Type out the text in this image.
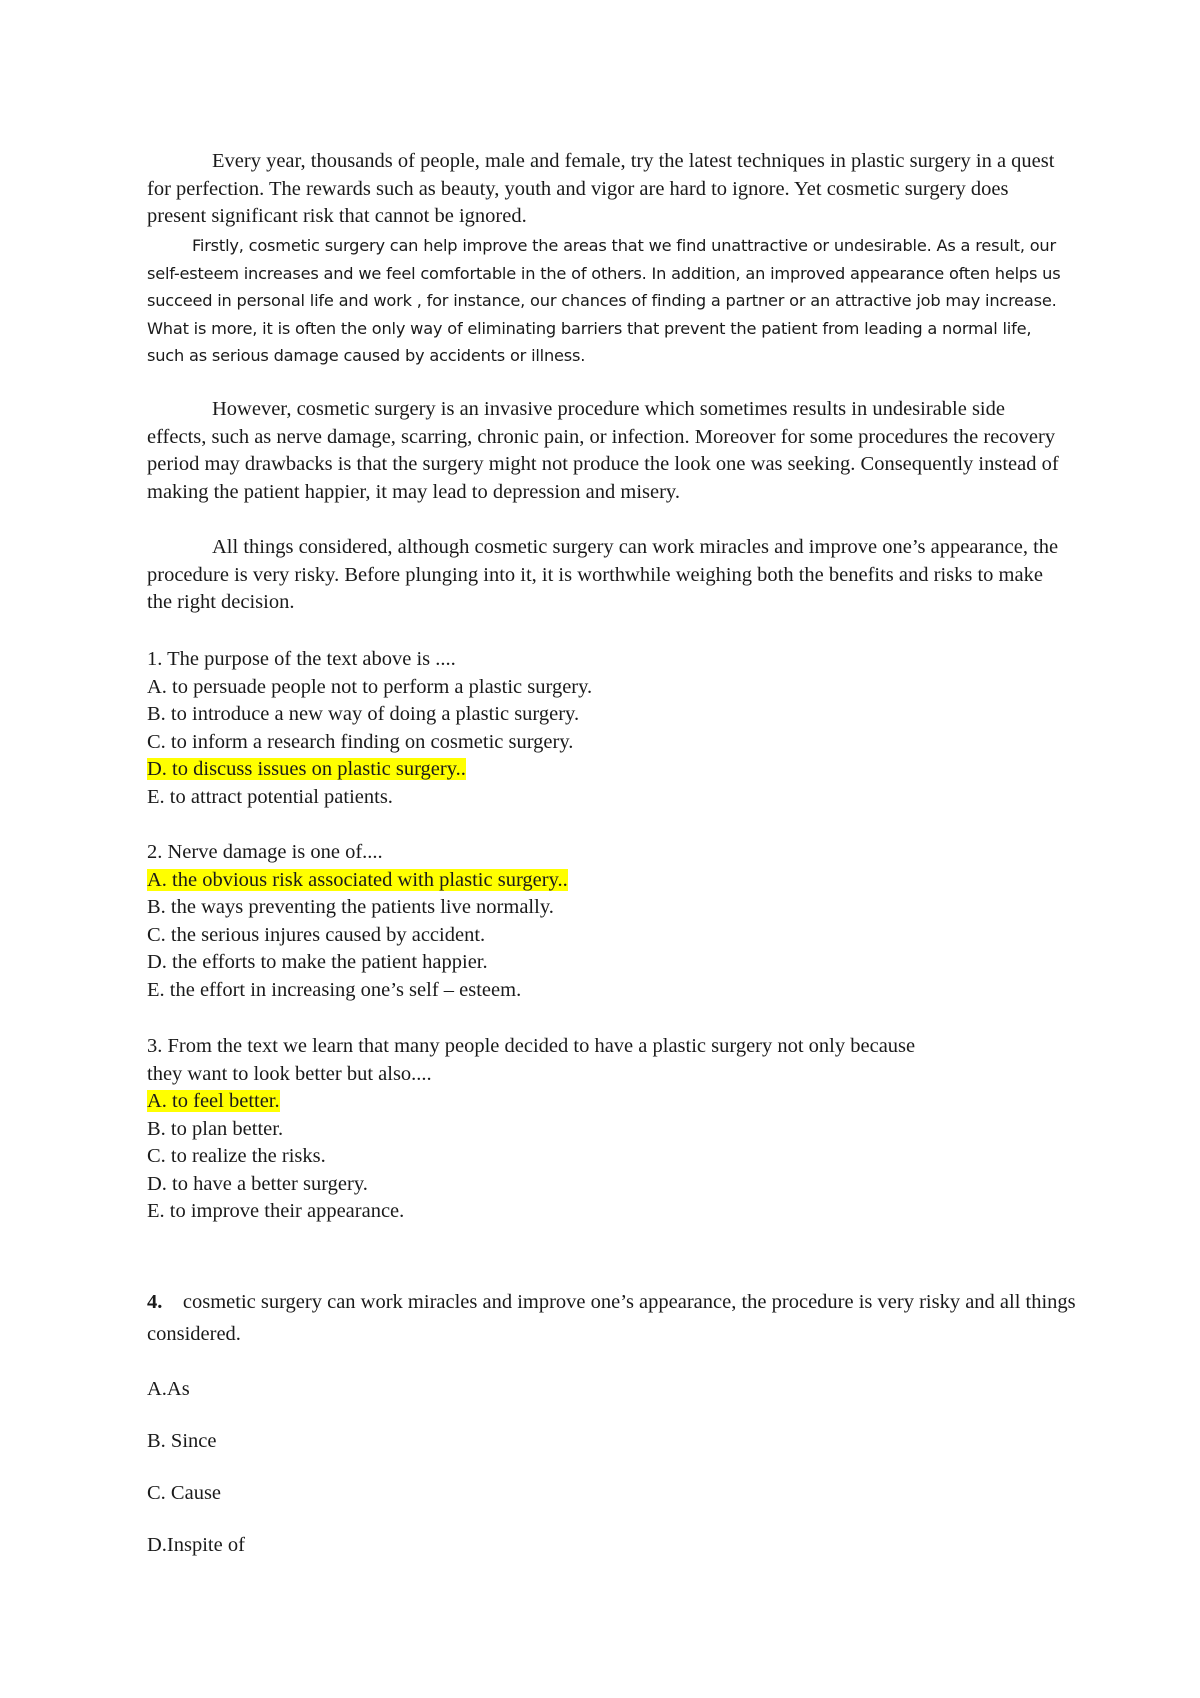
Every year, thousands of people, male and female, try the latest techniques in plastic surgery in a quest for perfection. The rewards such as beauty, youth and vigor are hard to ignore. Yet cosmetic surgery does present significant risk that cannot be ignored.

Firstly, cosmetic surgery can help improve the areas that we find unattractive or undesirable. As a result, our self-esteem increases and we feel comfortable in the of others. In addition, an improved appearance often helps us succeed in personal life and work , for instance, our chances of finding a partner or an attractive job may increase. What is more, it is often the only way of eliminating barriers that prevent the patient from leading a normal life, such as serious damage caused by accidents or illness.

However, cosmetic surgery is an invasive procedure which sometimes results in undesirable side effects, such as nerve damage, scarring, chronic pain, or infection. Moreover for some procedures the recovery period may drawbacks is that the surgery might not produce the look one was seeking. Consequently instead of making the patient happier, it may lead to depression and misery.

All things considered, although cosmetic surgery can work miracles and improve one’s appearance, the procedure is very risky. Before plunging into it, it is worthwhile weighing both the benefits and risks to make the right decision.

1. The purpose of the text above is ....
A. to persuade people not to perform a plastic surgery.
B. to introduce a new way of doing a plastic surgery.
C. to inform a research finding on cosmetic surgery.
D. to discuss issues on plastic surgery..
E. to attract potential patients.
2. Nerve damage is one of....
A. the obvious risk associated with plastic surgery..
B. the ways preventing the patients live normally.
C. the serious injures caused by accident.
D. the efforts to make the patient happier.
E. the effort in increasing one’s self – esteem.
3. From the text we learn that many people decided to have a plastic surgery not only because
they want to look better but also....
A. to feel better.
B. to plan better.
C. to realize the risks.
D. to have a better surgery.
E. to improve their appearance.
4. cosmetic surgery can work miracles and improve one’s appearance, the procedure is very risky and all things considered.
A.As
B. Since
C. Cause
D.Inspite of
